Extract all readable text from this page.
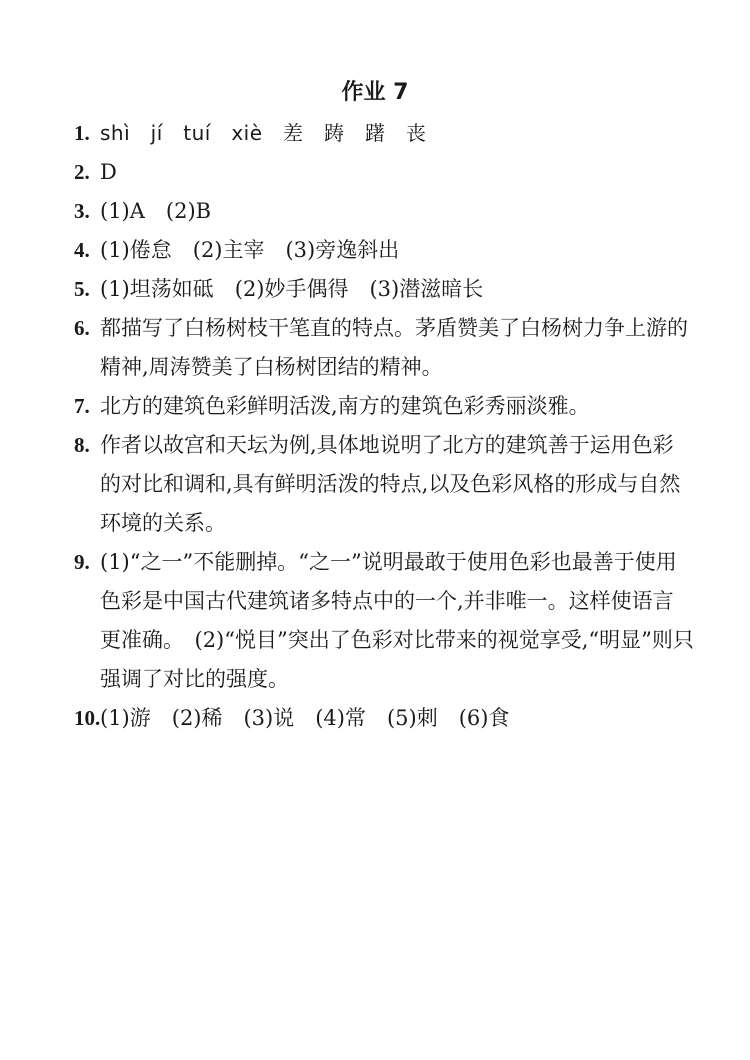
作业 7
1. shì　jí　tuí　xiè　差　踌　躇　丧
2. D
3. (1)A　(2)B
4. (1)倦怠　(2)主宰　(3)旁逸斜出
5. (1)坦荡如砥　(2)妙手偶得　(3)潜滋暗长
6. 都描写了白杨树枝干笔直的特点。茅盾赞美了白杨树力争上游的精神,周涛赞美了白杨树团结的精神。
7. 北方的建筑色彩鲜明活泼,南方的建筑色彩秀丽淡雅。
8. 作者以故宫和天坛为例,具体地说明了北方的建筑善于运用色彩的对比和调和,具有鲜明活泼的特点,以及色彩风格的形成与自然环境的关系。
9. (1)“之一”不能删掉。“之一”说明最敢于使用色彩也最善于使用色彩是中国古代建筑诸多特点中的一个,并非唯一。这样使语言更准确。　(2)“悦目”突出了色彩对比带来的视觉享受,“明显”则只强调了对比的强度。
10. (1)游　(2)稀　(3)说　(4)常　(5)刺　(6)食
